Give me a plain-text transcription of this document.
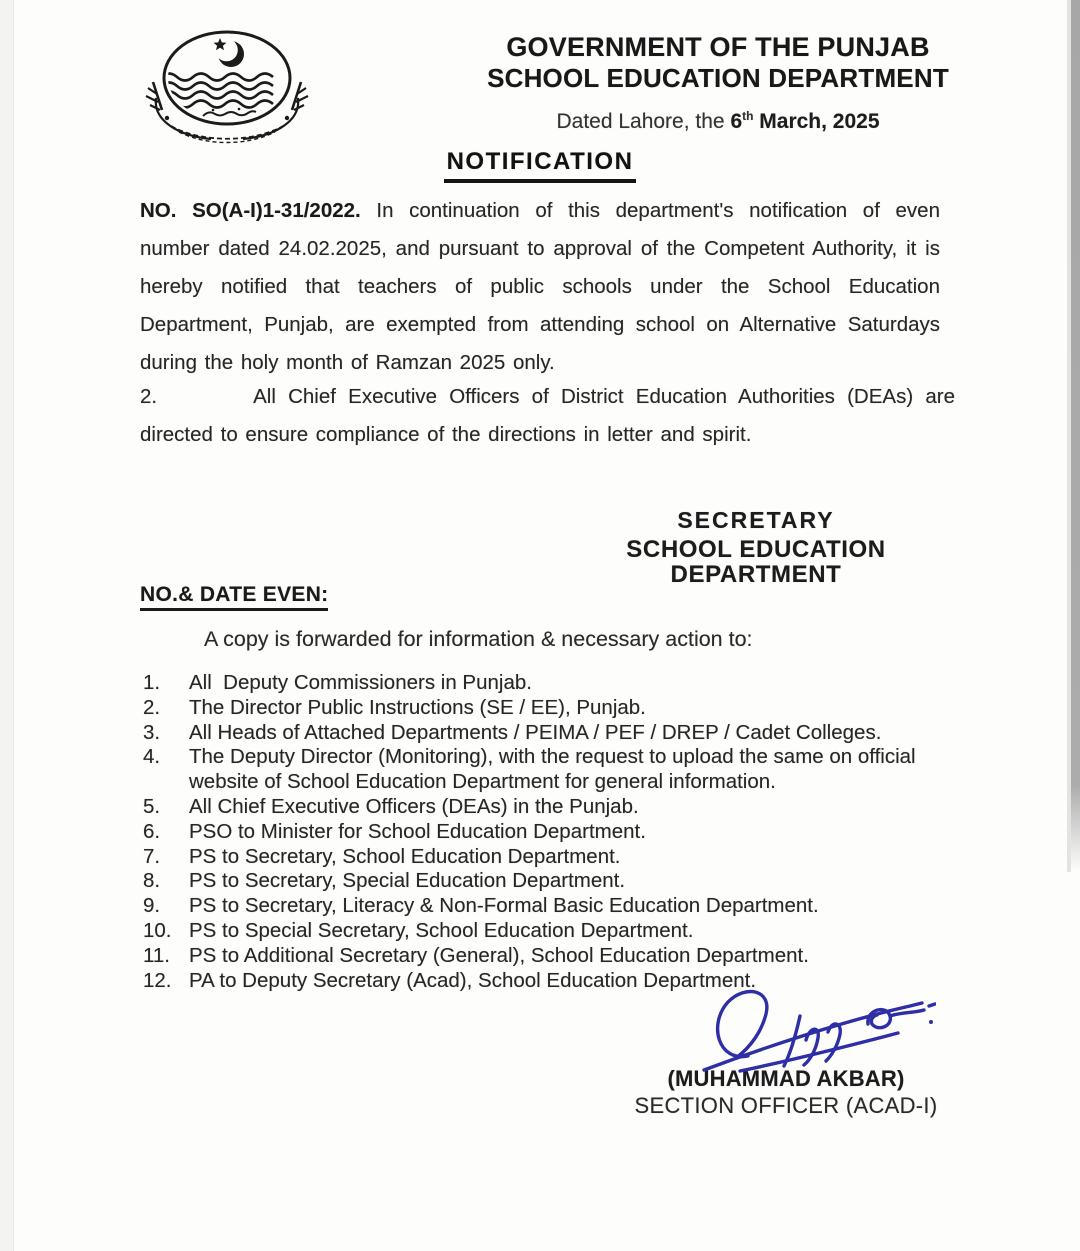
GOVERNMENT OF THE PUNJAB
SCHOOL EDUCATION DEPARTMENT
Dated Lahore, the 6th March, 2025
NOTIFICATION
NO. SO(A-I)1-31/2022. In continuation of this department's notification of even number dated 24.02.2025, and pursuant to approval of the Competent Authority, it is hereby notified that teachers of public schools under the School Education Department, Punjab, are exempted from attending school on Alternative Saturdays during the holy month of Ramzan 2025 only.
2.	All Chief Executive Officers of District Education Authorities (DEAs) are directed to ensure compliance of the directions in letter and spirit.
SECRETARY
SCHOOL EDUCATION DEPARTMENT
NO.& DATE EVEN:
A copy is forwarded for information & necessary action to:
1.	All  Deputy Commissioners in Punjab.
2.	The Director Public Instructions (SE / EE), Punjab.
3.	All Heads of Attached Departments / PEIMA / PEF / DREP / Cadet Colleges.
4.	The Deputy Director (Monitoring), with the request to upload the same on official website of School Education Department for general information.
5.	All Chief Executive Officers (DEAs) in the Punjab.
6.	PSO to Minister for School Education Department.
7.	PS to Secretary, School Education Department.
8.	PS to Secretary, Special Education Department.
9.	PS to Secretary, Literacy & Non-Formal Basic Education Department.
10. PS to Special Secretary, School Education Department.
11. PS to Additional Secretary (General), School Education Department.
12. PA to Deputy Secretary (Acad), School Education Department.
(MUHAMMAD AKBAR)
SECTION OFFICER (ACAD-I)
